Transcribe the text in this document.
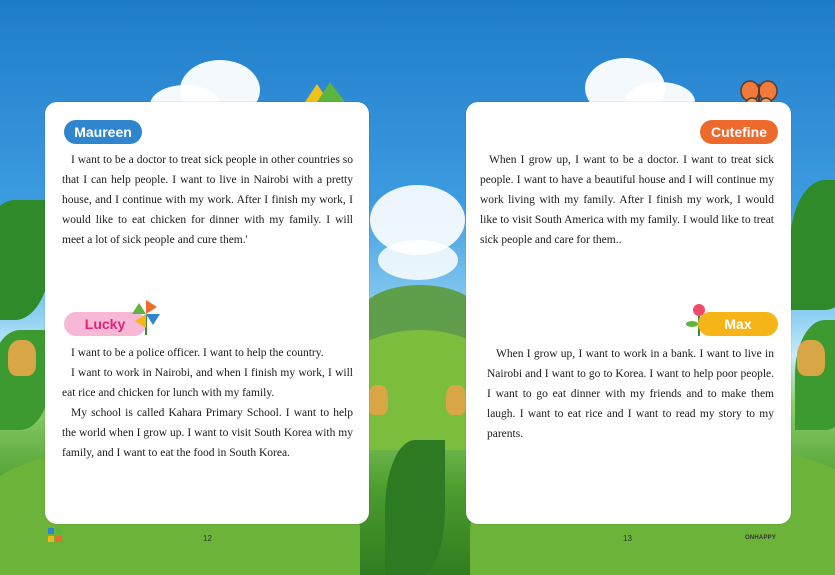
Maureen

I want to be a doctor to treat sick people in other countries so that I can help people. I want to live in Nairobi with a pretty house, and I continue with my work. After I finish my work, I would like to eat chicken for dinner with my family. I will meet a lot of sick people and cure them.'

Lucky

I want to be a police officer. I want to help the country.

I want to work in Nairobi, and when I finish my work, I will eat rice and chicken for lunch with my family.

My school is called Kahara Primary School. I want to help the world when I grow up. I want to visit South Korea with my family, and I want to eat the food in South Korea.

Cutefine

When I grow up, I want to be a doctor. I want to treat sick people. I want to have a beautiful house and I will continue my work living with my family. After I finish my work, I would like to visit South America with my family. I would like to treat sick people and care for them..

Max

When I grow up, I want to work in a bank. I want to live in Nairobi and I want to go to Korea. I want to help poor people. I want to go eat dinner with my friends and to make them laugh. I want to eat rice and I want to read my story to my parents.

12	13	ONHAPPY
